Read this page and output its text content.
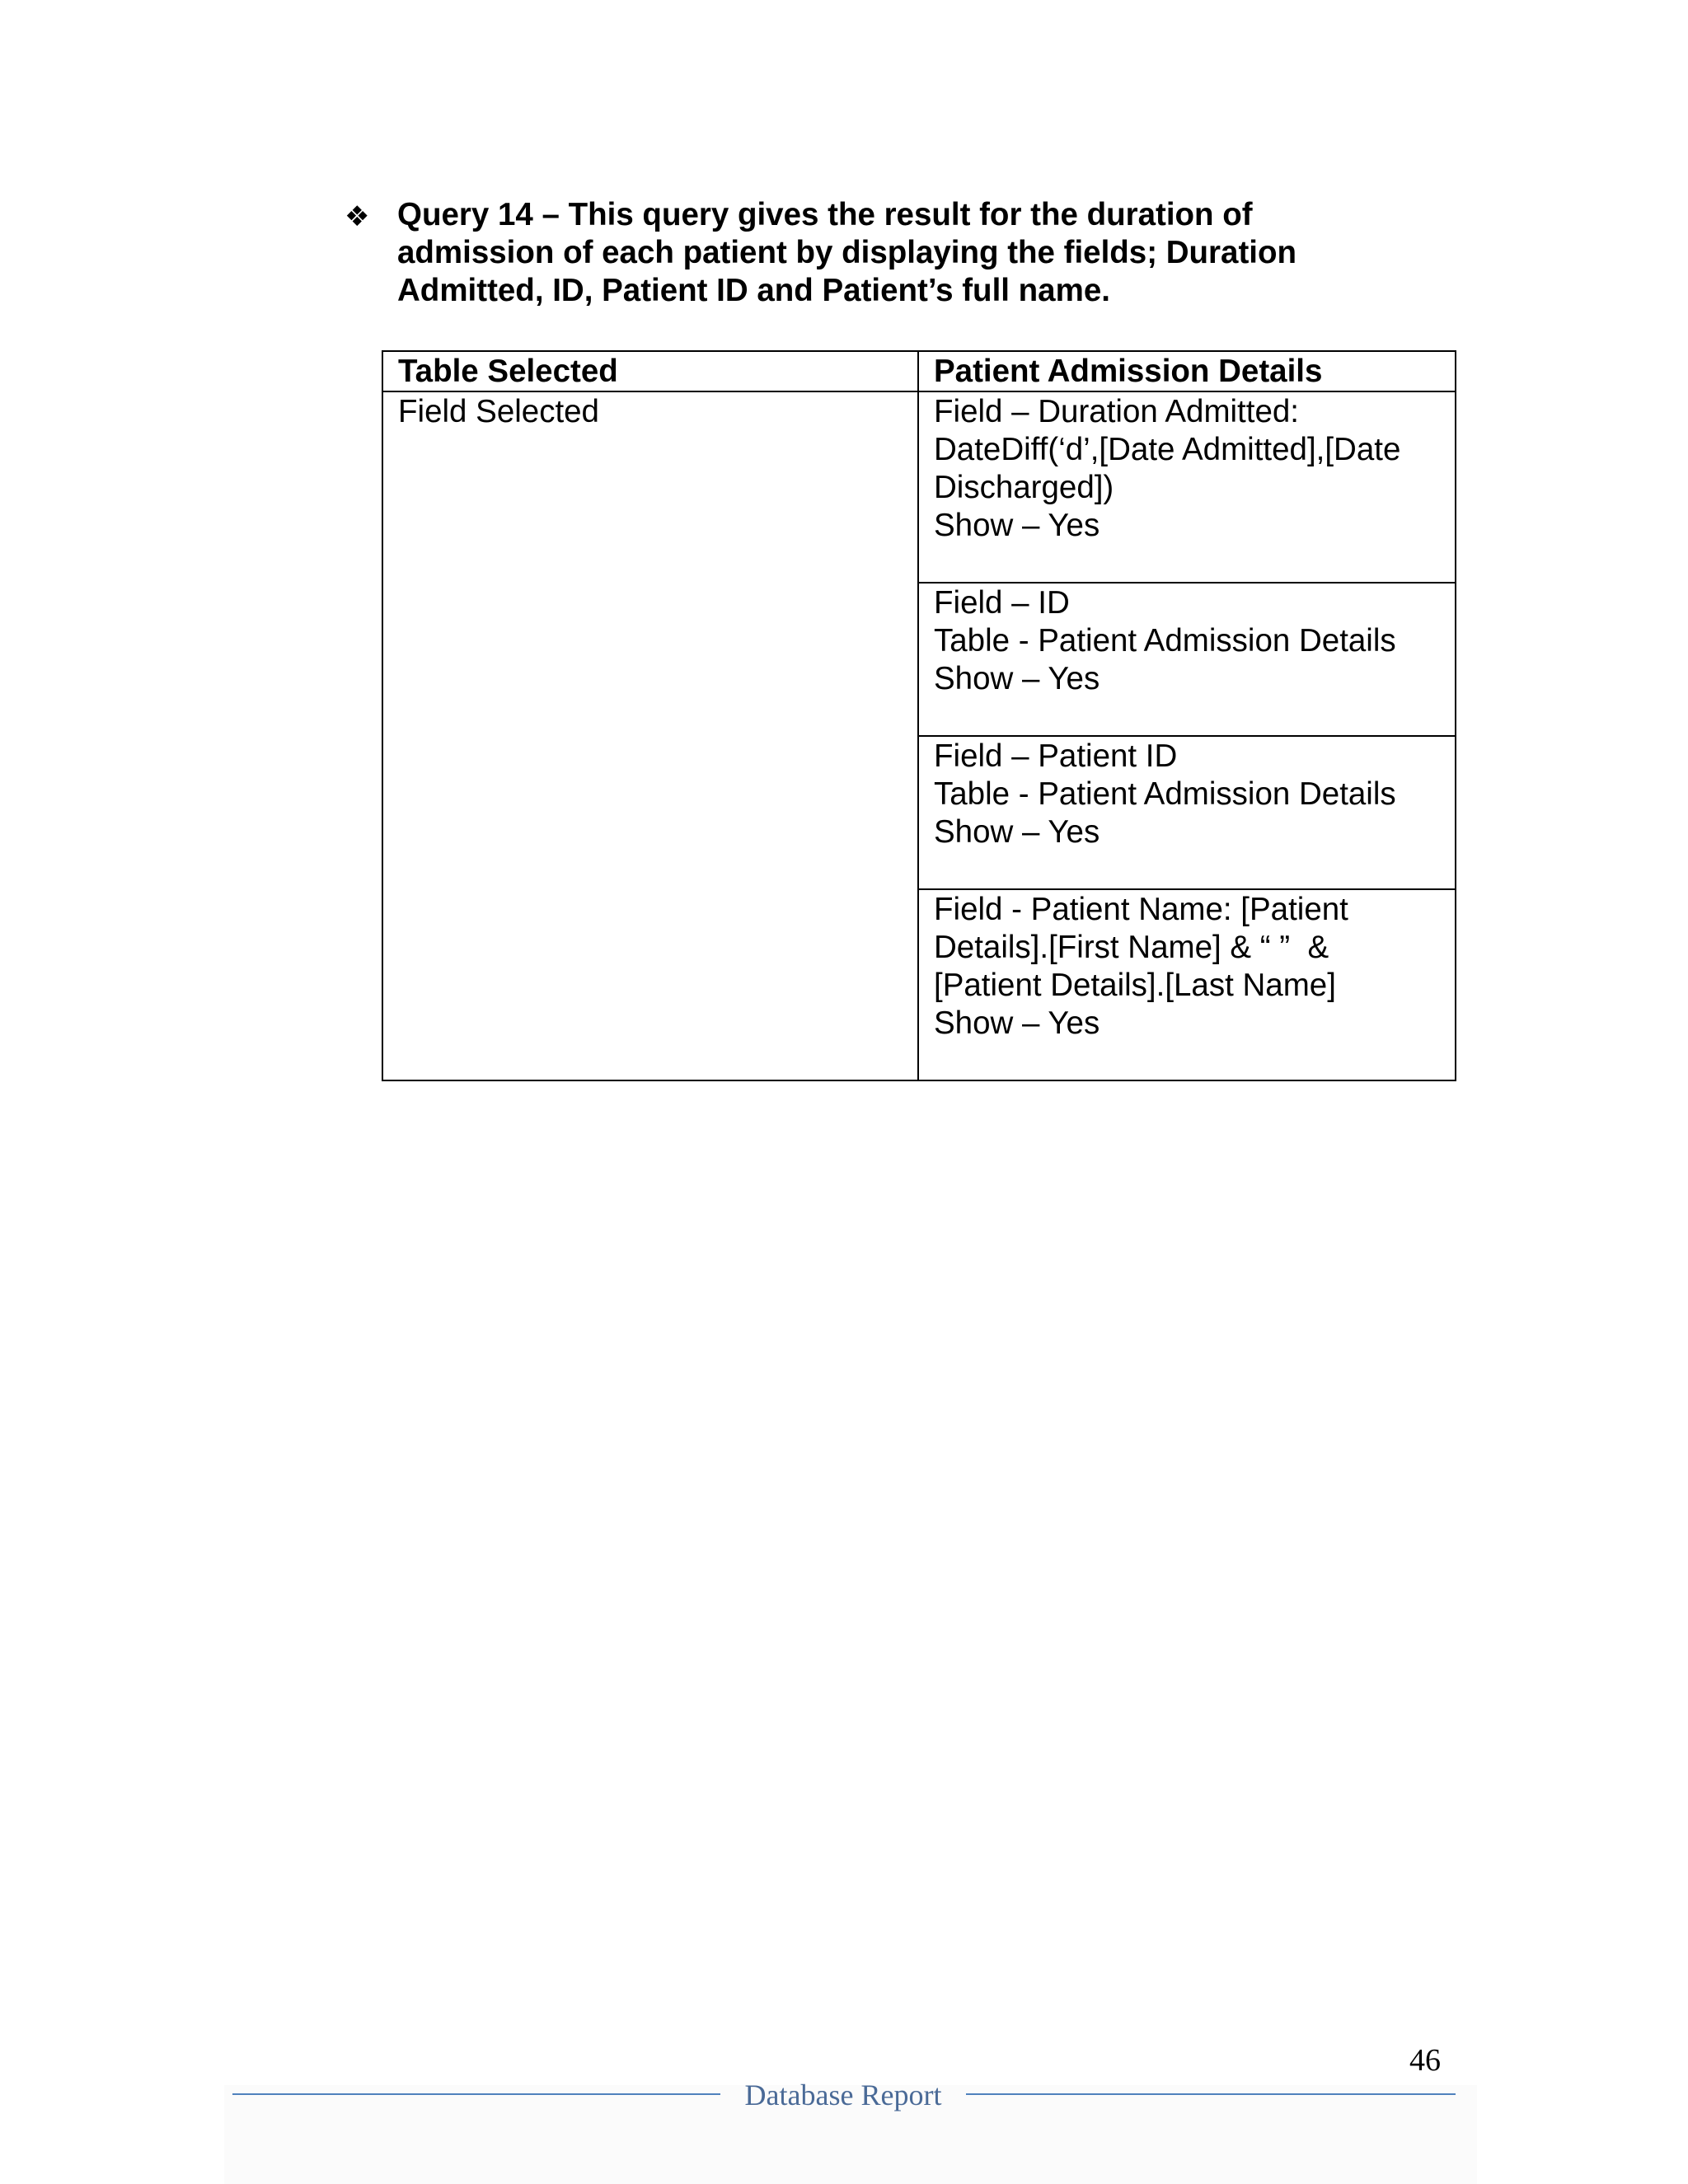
❖ Query 14 – This query gives the result for the duration of
admission of each patient by displaying the fields; Duration
Admitted, ID, Patient ID and Patient’s full name.
Table Selected	Patient Admission Details
Field Selected	Field – Duration Admitted:
DateDiff(‘d’,[Date Admitted],[Date
Discharged])
Show – Yes

	Field – ID
Table - Patient Admission Details
Show – Yes

	Field – Patient ID
Table - Patient Admission Details
Show – Yes

	Field - Patient Name: [Patient
Details].[First Name] & “ ”  &
[Patient Details].[Last Name]
Show – Yes
46
Database Report
